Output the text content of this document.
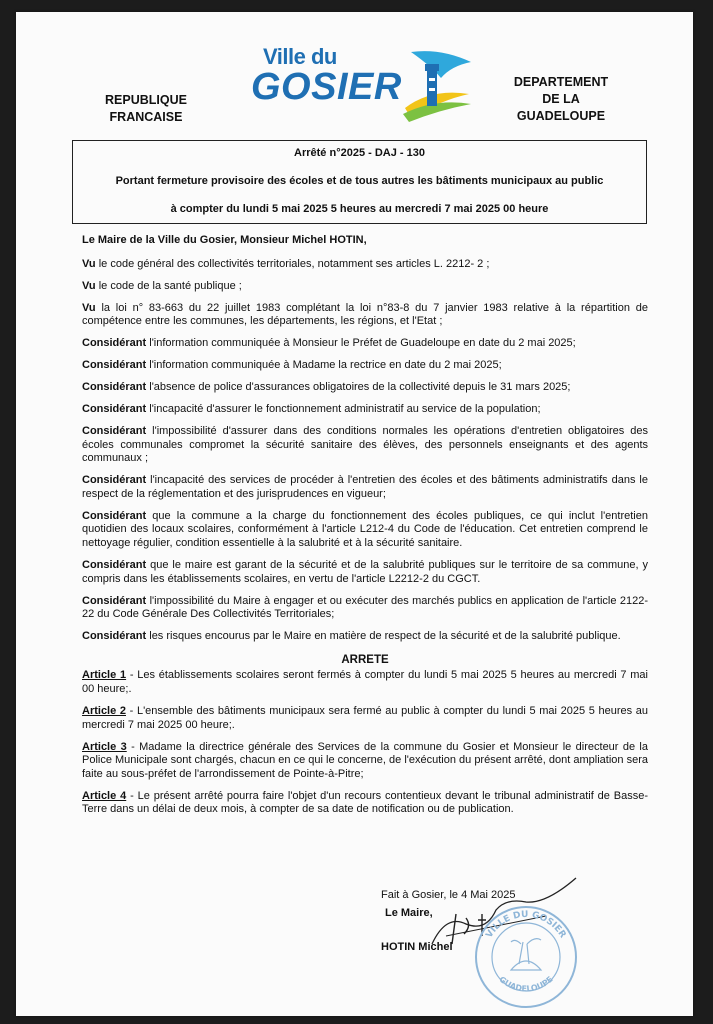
REPUBLIQUE
FRANCAISE
Ville du
GOSIER	DEPARTEMENT
DE LA
GUADELOUPE
Arrêté n°2025 - DAJ - 130
Portant fermeture provisoire des écoles et de tous autres les bâtiments municipaux au public
à compter du lundi 5 mai 2025 5 heures au mercredi 7 mai 2025 00 heure

Le Maire de la Ville du Gosier, Monsieur Michel HOTIN,

Vu le code général des collectivités territoriales, notamment ses articles L. 2212- 2 ;

Vu le code de la santé publique ;

Vu la loi n° 83-663 du 22 juillet 1983 complétant la loi n°83-8 du 7 janvier 1983 relative à la répartition de compétence entre les communes, les départements, les régions, et l'Etat ;

Considérant l'information communiquée à Monsieur le Préfet de Guadeloupe en date du 2 mai 2025;

Considérant l'information communiquée à Madame la rectrice en date du 2 mai 2025;

Considérant l'absence de police d'assurances obligatoires de la collectivité depuis le 31 mars 2025;

Considérant l'incapacité d'assurer le fonctionnement administratif au service de la population;

Considérant l'impossibilité d'assurer dans des conditions normales les opérations d'entretien obligatoires des écoles communales compromet la sécurité sanitaire des élèves, des personnels enseignants et des agents communaux ;

Considérant l'incapacité des services de procéder à l'entretien des écoles et des bâtiments administratifs dans le respect de la réglementation et des jurisprudences en vigueur;

Considérant que la commune a la charge du fonctionnement des écoles publiques, ce qui inclut l'entretien quotidien des locaux scolaires, conformément à l'article L212-4 du Code de l'éducation. Cet entretien comprend le nettoyage régulier, condition essentielle à la salubrité et à la sécurité sanitaire.

Considérant que le maire est garant de la sécurité et de la salubrité publiques sur le territoire de sa commune, y compris dans les établissements scolaires, en vertu de l'article L2212-2 du CGCT.

Considérant l'impossibilité du Maire à engager et ou exécuter des marchés publics en application de l'article 2122-22 du Code Générale Des Collectivités Territoriales;

Considérant les risques encourus par le Maire en matière de respect de la sécurité et de la salubrité publique.

ARRETE

Article 1 - Les établissements scolaires seront fermés à compter du lundi 5 mai 2025 5 heures au mercredi 7 mai 00 heure;.

Article 2 - L'ensemble des bâtiments municipaux sera fermé au public à compter du lundi 5 mai 2025 5 heures au mercredi 7 mai 2025 00 heure;.

Article 3 - Madame la directrice générale des Services de la commune du Gosier et Monsieur le directeur de la Police Municipale sont chargés, chacun en ce qui le concerne, de l'exécution du présent arrêté, dont ampliation sera faite au sous-préfet de l'arrondissement de Pointe-à-Pitre;

Article 4 - Le présent arrêté pourra faire l'objet d'un recours contentieux devant le tribunal administratif de Basse-Terre dans un délai de deux mois, à compter de sa date de notification ou de publication.

Fait à Gosier, le 4 Mai 2025
Le Maire,
HOTIN Michel
VILLE DU GOSIER
GUADELOUPE
